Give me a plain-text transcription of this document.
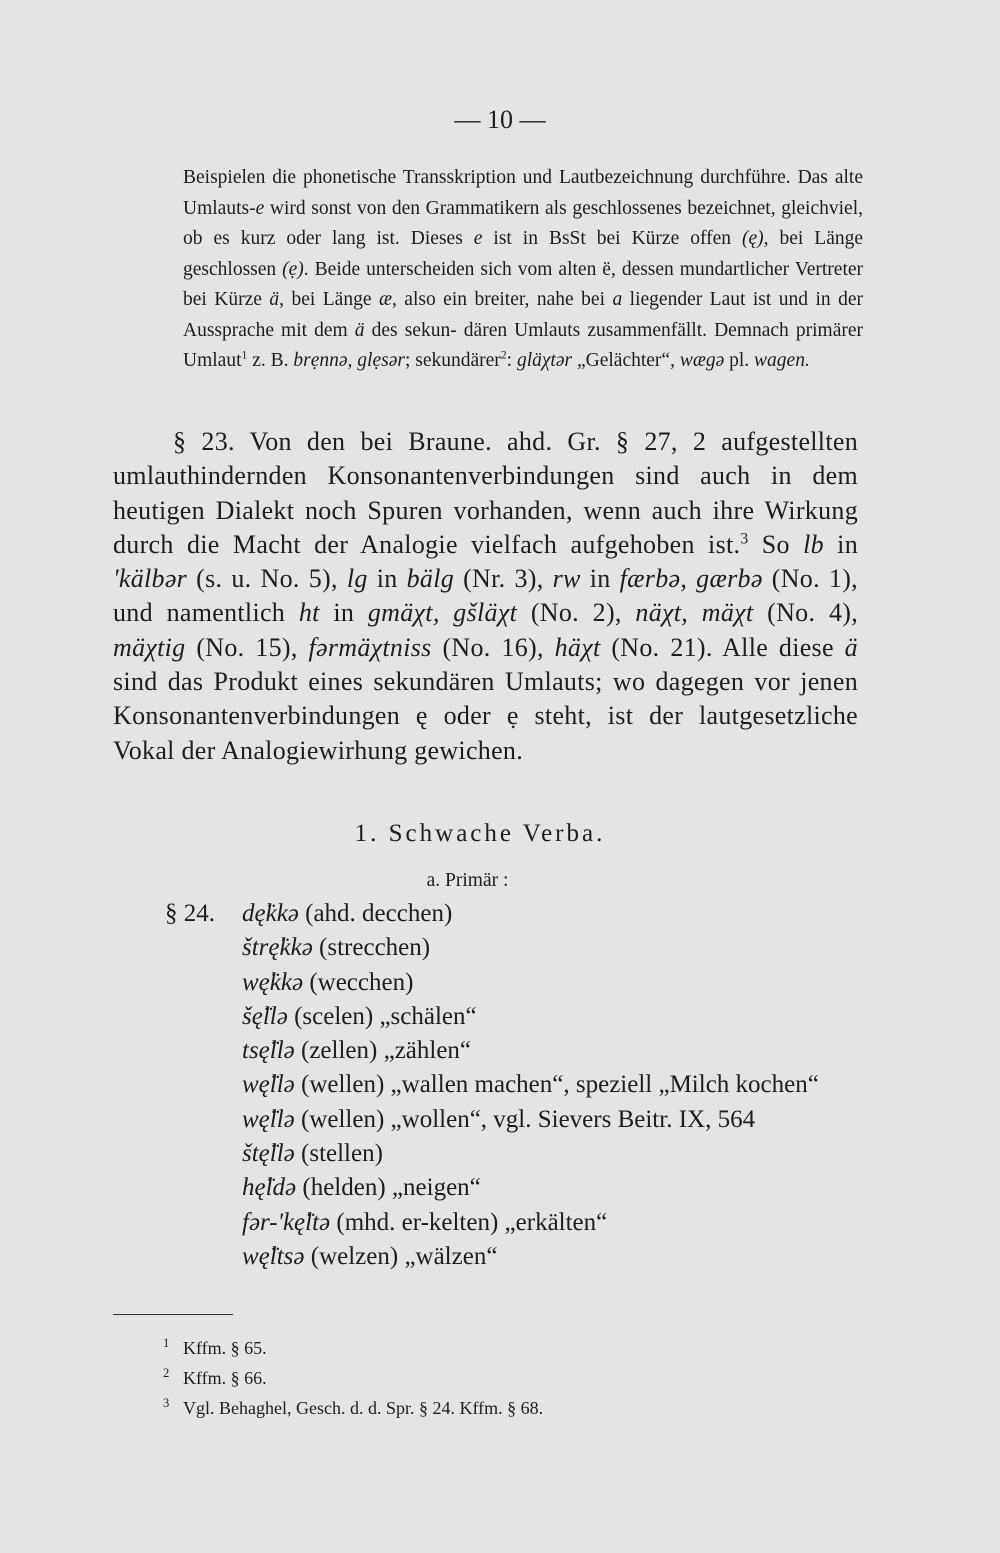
— 10 —

Beispielen die phonetische Transskription und Lautbezeichnung durchführe. Das alte Umlauts-e wird sonst von den Grammatikern als geschlossenes bezeichnet, gleichviel, ob es kurz oder lang ist. Dieses e ist in BsSt bei Kürze offen (ę), bei Länge geschlossen (ẹ). Beide unterscheiden sich vom alten ë, dessen mundartlicher Vertreter bei Kürze ä, bei Länge æ, also ein breiter, nahe bei a liegender Laut ist und in der Aussprache mit dem ä des sekun- dären Umlauts zusammenfällt. Demnach primärer Umlaut$^1$ z. B. brẹnnə, glẹsər; sekundärer$^2$: gläχtər „Gelächter“, wægə pl. wagen.

§ 23. Von den bei Braune. ahd. Gr. § 27, 2 aufgestellten umlauthindernden Konsonantenverbindungen sind auch in dem heutigen Dialekt noch Spuren vorhanden, wenn auch ihre Wirkung durch die Macht der Analogie vielfach aufgehoben ist.$^3$ So lb in 'kälbər (s. u. No. 5), lg in bälg (Nr. 3), rw in færbə, gærbə (No. 1), und namentlich ht in gmäχt, gšläχt (No. 2), näχt, mäχt (No. 4), mäχtig (No. 15), fərmäχtniss (No. 16), häχt (No. 21). Alle diese ä sind das Produkt eines sekundären Umlauts; wo dagegen vor jenen Konsonantenverbindungen ę oder ẹ steht, ist der lautgesetzliche Vokal der Analogiewirhung gewichen.

1. Schwache Verba.
a. Primär :
§ 24. dę̈kkə (ahd. decchen)
štrę̈kkə (strecchen)
wę̈kkə (wecchen)
šę̈llə (scelen) „schälen“
tsę̈llə (zellen) „zählen“
wę̈llə (wellen) „wallen machen“, speziell „Milch kochen“
wę̈llə (wellen) „wollen“, vgl. Sievers Beitr. IX, 564
štę̈llə (stellen)
hę̈ldə (helden) „neigen“
fər-'kę̈ltə (mhd. er-kelten) „erkälten“
wę̈ltsə (welzen) „wälzen“
1 Kffm. § 65.
2 Kffm. § 66.
3 Vgl. Behaghel, Gesch. d. d. Spr. § 24. Kffm. § 68.
